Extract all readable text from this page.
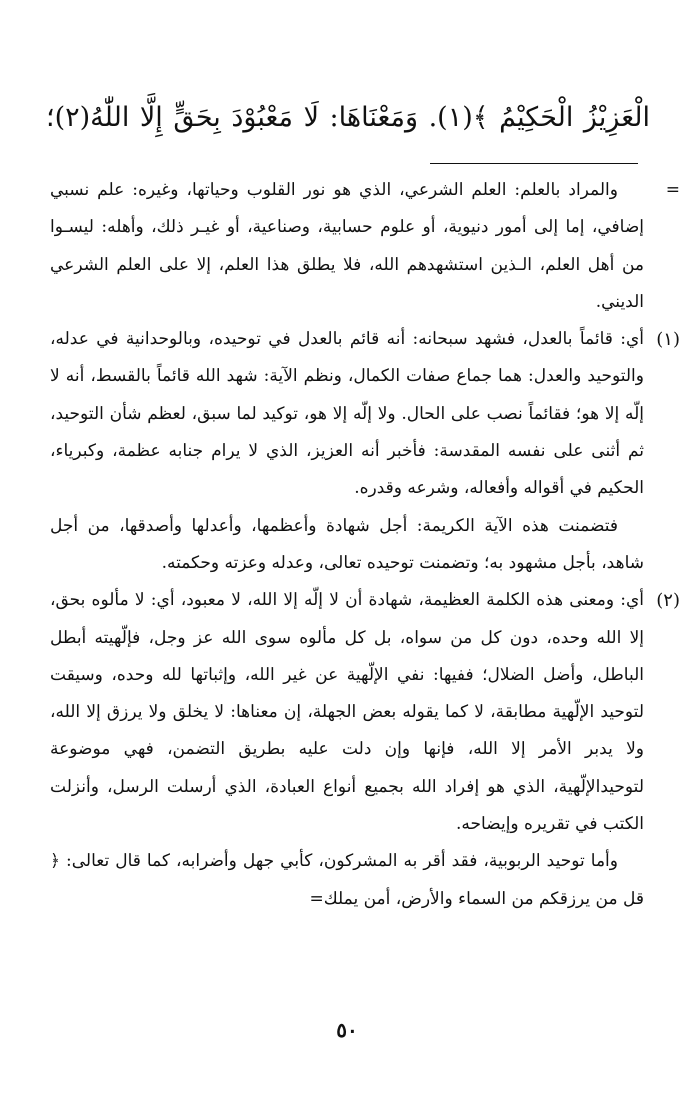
الْعَزِيْزُ الْحَكِيْمُ ﴾(١). وَمَعْنَاهَا: لَا مَعْبُوْدَ بِحَقٍّ إِلَّا اللّٰهُ(٢)؛
=

والمراد بالعلم: العلم الشرعي، الذي هو نور القلوب وحياتها، وغيره: علم نسبي إضافي، إما إلى أمور دنيوية، أو علوم حسابية، وصناعية، أو غيـر ذلك، وأهله: ليسـوا من أهل العلم، الـذين استشهدهم الله، فلا يطلق هذا العلم، إلا على العلم الشرعي الديني.

(١)

أي: قائماً بالعدل، فشهد سبحانه: أنه قائم بالعدل في توحيده، وبالوحدانية في عدله، والتوحيد والعدل: هما جماع صفات الكمال، ونظم الآية: شهد الله قائماً بالقسط، أنه لا إلّه إلا هو؛ فقائماً نصب على الحال. ولا إلّه إلا هو، توكيد لما سبق، لعظم شأن التوحيد، ثم أثنى على نفسه المقدسة: فأخبر أنه العزيز، الذي لا يرام جنابه عظمة، وكبرياء، الحكيم في أقواله وأفعاله، وشرعه وقدره.

فتضمنت هذه الآية الكريمة: أجل شهادة وأعظمها، وأعدلها وأصدقها، من أجل شاهد، بأجل مشهود به؛ وتضمنت توحيده تعالى، وعدله وعزته وحكمته.

(٢)

أي: ومعنى هذه الكلمة العظيمة، شهادة أن لا إلّه إلا الله، لا معبود، أي: لا مألوه بحق، إلا الله وحده، دون كل من سواه، بل كل مألوه سوى الله عز وجل، فإلّهيته أبطل الباطل، وأضل الضلال؛ ففيها: نفي الإلّهية عن غير الله، وإثباتها لله وحده، وسيقت لتوحيد الإلّهية مطابقة، لا كما يقوله بعض الجهلة، إن معناها: لا يخلق ولا يرزق إلا الله، ولا يدبر الأمر إلا الله، فإنها وإن دلت عليه بطريق التضمن، فهي موضوعة لتوحيدالإلّهية، الذي هو إفراد الله بجميع أنواع العبادة، الذي أرسلت الرسل، وأنزلت الكتب في تقريره وإيضاحه.

وأما توحيد الربوبية، فقد أقر به المشركون، كأبي جهل وأضرابه، كما قال تعالى: ﴿ قل من يرزقكم من السماء والأرض، أمن يملك=

٥٠
